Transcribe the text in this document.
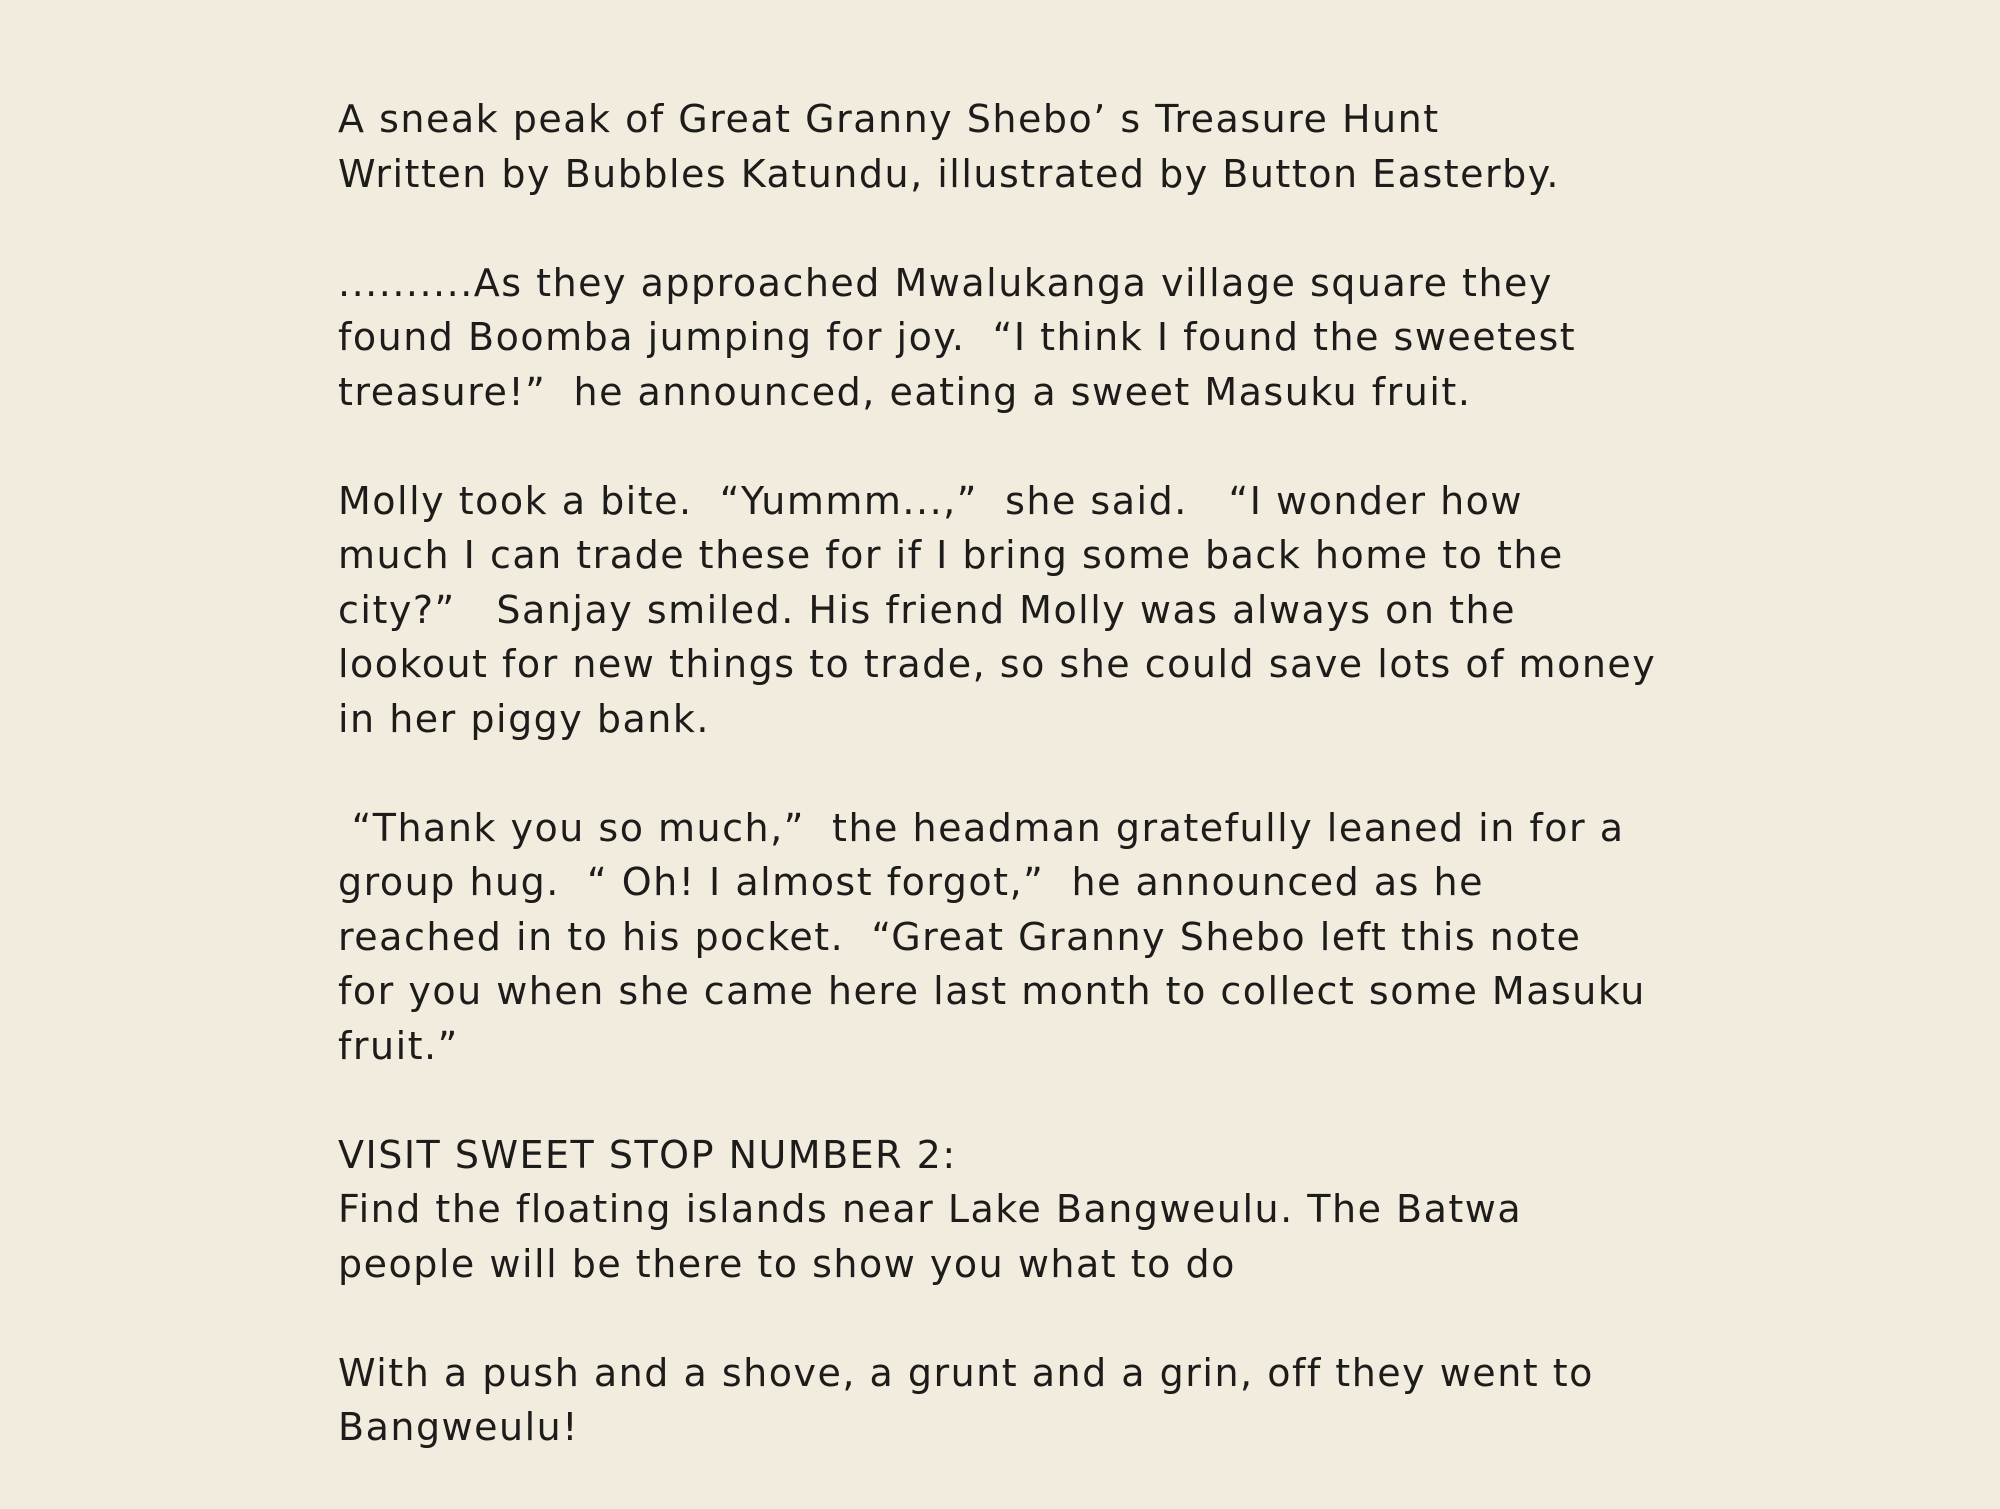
A sneak peak of Great Granny Shebo’ s Treasure Hunt
Written by Bubbles Katundu, illustrated by Button Easterby.
..........As they approached Mwalukanga village square they
found Boomba jumping for joy.  “I think I found the sweetest
treasure!”  he announced, eating a sweet Masuku fruit.
Molly took a bite.  “Yummm...,”  she said.   “I wonder how
much I can trade these for if I bring some back home to the
city?”   Sanjay smiled. His friend Molly was always on the
lookout for new things to trade, so she could save lots of money
in her piggy bank.
“Thank you so much,”  the headman gratefully leaned in for a
group hug.  “ Oh! I almost forgot,”  he announced as he
reached in to his pocket.  “Great Granny Shebo left this note
for you when she came here last month to collect some Masuku
fruit.”
VISIT SWEET STOP NUMBER 2:
Find the floating islands near Lake Bangweulu. The Batwa
people will be there to show you what to do
With a push and a shove, a grunt and a grin, off they went to
Bangweulu!
